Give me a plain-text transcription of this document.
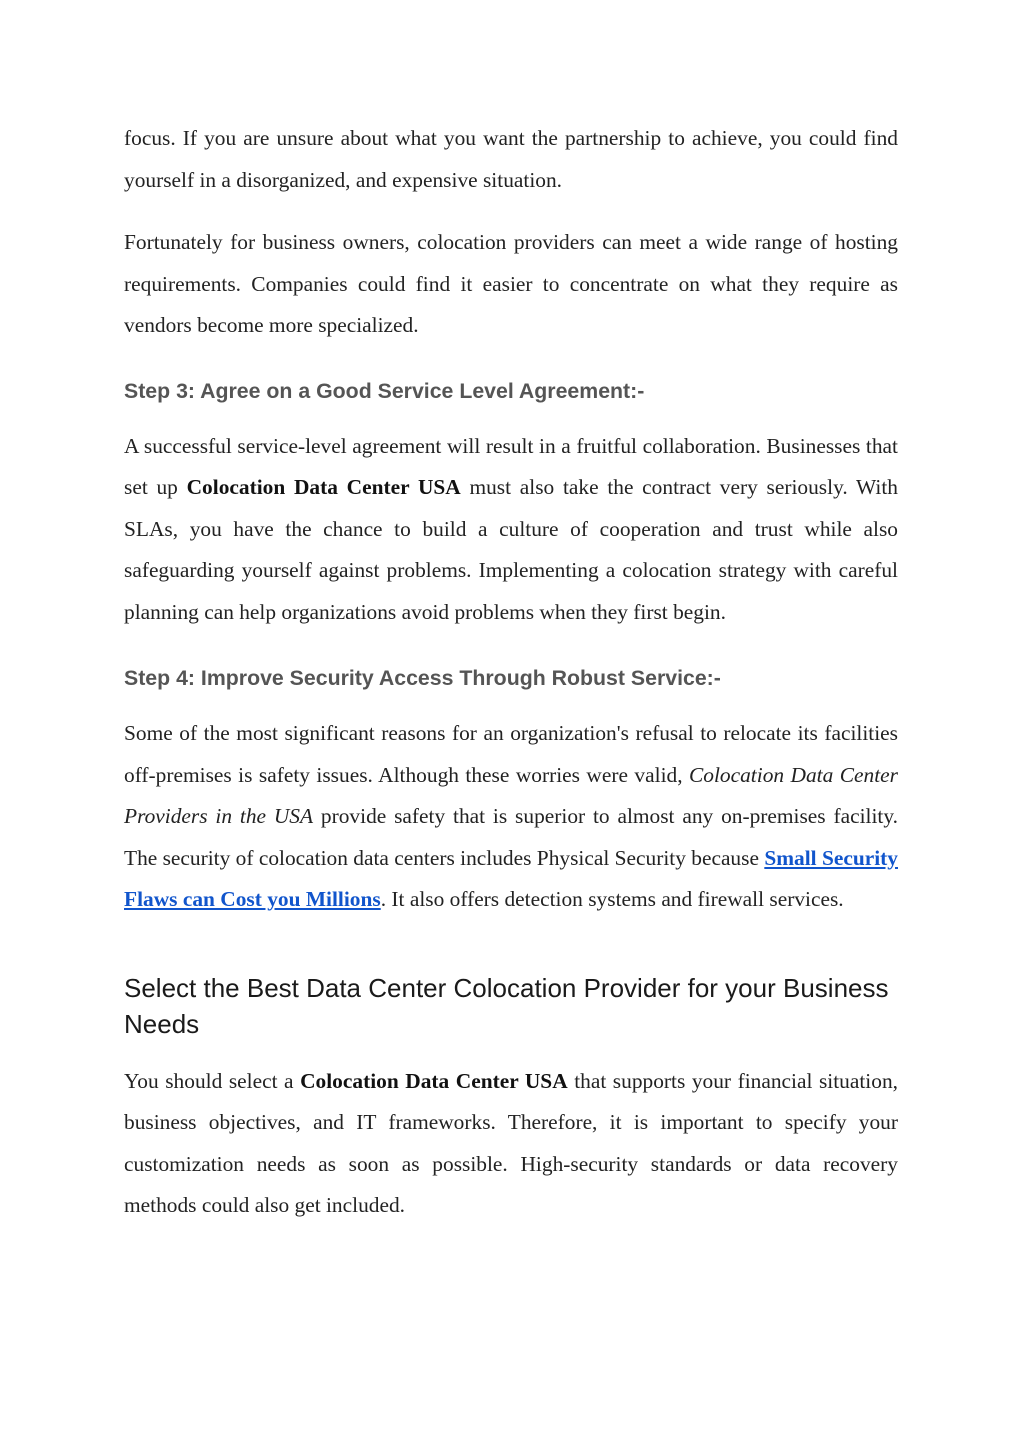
focus. If you are unsure about what you want the partnership to achieve, you could find yourself in a disorganized, and expensive situation.

Fortunately for business owners, colocation providers can meet a wide range of hosting requirements. Companies could find it easier to concentrate on what they require as vendors become more specialized.

Step 3: Agree on a Good Service Level Agreement:-

A successful service-level agreement will result in a fruitful collaboration. Businesses that set up Colocation Data Center USA must also take the contract very seriously. With SLAs, you have the chance to build a culture of cooperation and trust while also safeguarding yourself against problems. Implementing a colocation strategy with careful planning can help organizations avoid problems when they first begin.

Step 4: Improve Security Access Through Robust Service:-

Some of the most significant reasons for an organization's refusal to relocate its facilities off-premises is safety issues. Although these worries were valid, Colocation Data Center Providers in the USA provide safety that is superior to almost any on-premises facility. The security of colocation data centers includes Physical Security because Small Security Flaws can Cost you Millions. It also offers detection systems and firewall services.

Select the Best Data Center Colocation Provider for your Business Needs

You should select a Colocation Data Center USA that supports your financial situation, business objectives, and IT frameworks. Therefore, it is important to specify your customization needs as soon as possible. High-security standards or data recovery methods could also get included.
